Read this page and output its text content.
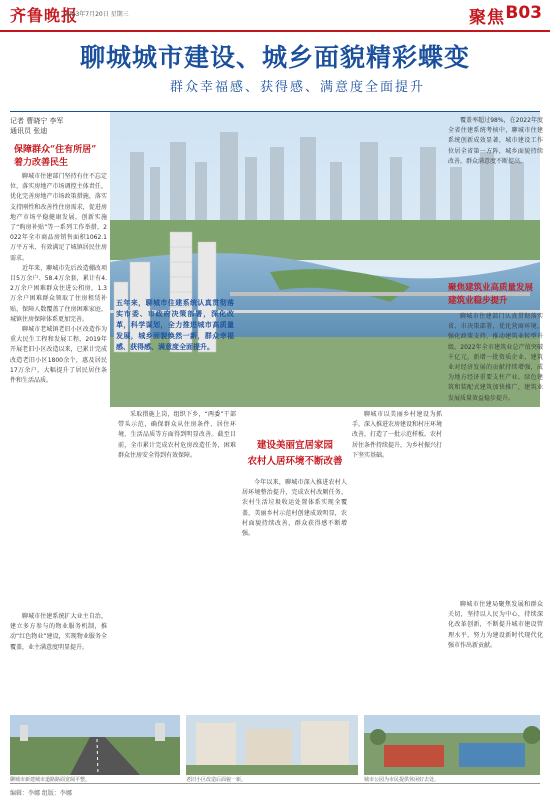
齐鲁晚报
2023年7月20日 星期三	聚焦 B03
聊城城市建设、城乡面貌精彩蝶变
群众幸福感、获得感、满意度全面提升
记者 曹晓宁 李军
通讯员 张迪
保障群众“住有所居”
着力改善民生

聊城市住建部门坚持有住不忘定位，落实房地产市场调控主体责任，优化完善房地产市场政策措施，落实支持刚性和改善性住房需求，促进房地产市场平稳健康发展，创新实施了“购房补贴”等一系列工作举措，2022年全市商品房销售面积1062.1万平方米，有效满足了城镇居民住房需求。

近年来，聊城市先后改造棚改项目5万余户、58.4万余套，累计有4.2万余户困难群众住进公租房，1.3万余户困难群众领取了住房租赁补贴，保障人数覆盖了住房困难家庭，城镇住房保障体系更加完善。

聊城市老城镇老旧小区改造作为重大民生工程和发展工程，2019年开展老旧小区改造以来，已累计完成改造老旧小区1800余个，惠及居民17万余户，大幅提升了居民居住条件和生活品质。

聊城市住建系统扩大业主自治，建立多方参与的物业服务机制，推动“红色物业”建设，实现物业服务全覆盖，业主满意度明显提升。

五年来，聊城市住建系统认真贯彻落实市委、市政府决策部署，深化改革，科学谋划，全力推进城市高质量发展，城乡面貌焕然一新，群众幸福感、获得感、满意度全面提升。

采取措施上岗，组织下乡，“两委”干部带头示范，确保群众从住房条件、居住环境、生活品质等方面得到明显改善。截至目前，全市累计完成农村危房改造任务，困难群众住房安全得到有效保障。

建设美丽宜居家园
农村人居环境不断改善

今年以来，聊城市深入推进农村人居环境整治提升，完成农村改厕任务，农村生活垃圾收运处置体系实现全覆盖，美丽乡村示范村创建成效明显，农村面貌持续改善，群众获得感不断增强。

聊城市以美丽乡村建设为抓手，深入推进农房建设和村庄环境改善，打造了一批示范样板。农村居住条件持续提升，为乡村振兴打下坚实基础。

覆盖率超过98%，在2022年度全省住建系统考核中，聊城市住建系统创新成效显著，城市建设工作位居全省第一方阵，城乡面貌持续改善，群众满意度不断提高。

聚焦建筑业高质量发展
建筑业稳步提升

聊城市住建部门认真贯彻落实省、市决策部署，优化营商环境，强化政策支持，推动建筑业转型升级。2022年全市建筑业总产值突破千亿元，新增一批资质企业，建筑业对经济发展的贡献持续增强，成为地方经济重要支柱产业。绿色建筑和装配式建筑加快推广，建筑业发展质量效益稳步提升。

聊城市住建局聚焦发展和群众关切，坚持以人民为中心，持续深化改革创新，不断提升城市建设管理水平，努力为建设新时代现代化强市作出新贡献。

聊城市新建城市道路路面宽阔平整。	老旧小区改造后面貌一新。	城市公园为市民提供休闲好去处。
编辑：李娜 组版：李娜
